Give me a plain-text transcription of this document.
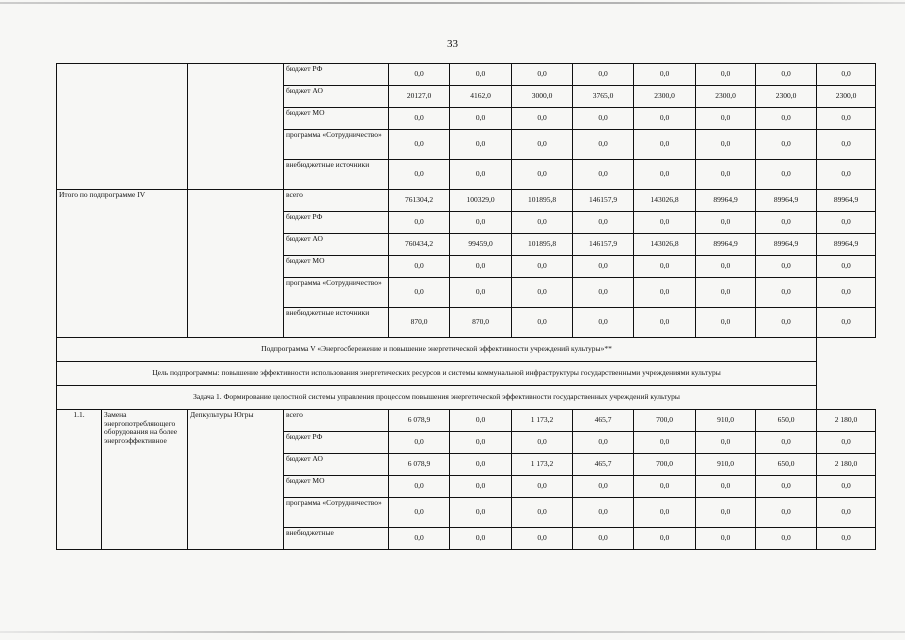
33
			бюджет РФ	0,0	0,0	0,0	0,0	0,0	0,0	0,0	0,0
			бюджет АО	20127,0	4162,0	3000,0	3765,0	2300,0	2300,0	2300,0	2300,0
			бюджет МО	0,0	0,0	0,0	0,0	0,0	0,0	0,0	0,0
			программа «Сотрудничество»	0,0	0,0	0,0	0,0	0,0	0,0	0,0	0,0
			внебюджетные источники	0,0	0,0	0,0	0,0	0,0	0,0	0,0	0,0
Итого по подпрограмме IV			всего	761304,2	100329,0	101895,8	146157,9	143026,8	89964,9	89964,9	89964,9
			бюджет РФ	0,0	0,0	0,0	0,0	0,0	0,0	0,0	0,0
			бюджет АО	760434,2	99459,0	101895,8	146157,9	143026,8	89964,9	89964,9	89964,9
			бюджет МО	0,0	0,0	0,0	0,0	0,0	0,0	0,0	0,0
			программа «Сотрудничество»	0,0	0,0	0,0	0,0	0,0	0,0	0,0	0,0
			внебюджетные источники	870,0	870,0	0,0	0,0	0,0	0,0	0,0	0,0
Подпрограмма V «Энергосбережение и повышение энергетической эффективности учреждений культуры»**											
Цель подпрограммы: повышение эффективности использования энергетических ресурсов и системы коммунальной инфраструктуры государственными учреждениями культуры											
Задача 1. Формирование целостной системы управления процессом повышения энергетической эффективности государственных учреждений культуры											
1.1.	Замена энергопотребляющего оборудования на более энергоэффективное	Депкультуры Югры	всего	6 078,9	0,0	1 173,2	465,7	700,0	910,0	650,0	2 180,0
			бюджет РФ	0,0	0,0	0,0	0,0	0,0	0,0	0,0	0,0
			бюджет АО	6 078,9	0,0	1 173,2	465,7	700,0	910,0	650,0	2 180,0
			бюджет МО	0,0	0,0	0,0	0,0	0,0	0,0	0,0	0,0
			программа «Сотрудничество»	0,0	0,0	0,0	0,0	0,0	0,0	0,0	0,0
			внебюджетные	0,0	0,0	0,0	0,0	0,0	0,0	0,0	0,0
